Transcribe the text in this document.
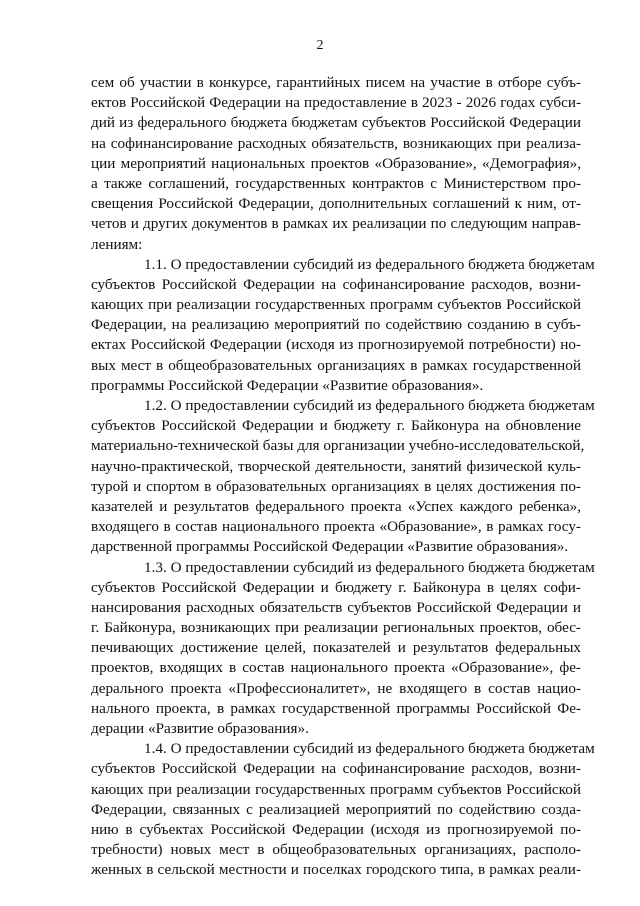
2
сем об участии в конкурсе, гарантийных писем на участие в отборе субъ-
ектов Российской Федерации на предоставление в 2023 - 2026 годах субси-
дий из федерального бюджета бюджетам субъектов Российской Федерации
на софинансирование расходных обязательств, возникающих при реализа-
ции мероприятий национальных проектов «Образование», «Демография»,
а также соглашений, государственных контрактов с Министерством про-
свещения Российской Федерации, дополнительных соглашений к ним, от-
четов и других документов в рамках их реализации по следующим направ-
лениям:
1.1. О предоставлении субсидий из федерального бюджета бюджетам
субъектов Российской Федерации на софинансирование расходов, возни-
кающих при реализации государственных программ субъектов Российской
Федерации, на реализацию мероприятий по содействию созданию в субъ-
ектах Российской Федерации (исходя из прогнозируемой потребности) но-
вых мест в общеобразовательных организациях в рамках государственной
программы Российской Федерации «Развитие образования».
1.2. О предоставлении субсидий из федерального бюджета бюджетам
субъектов Российской Федерации и бюджету г. Байконура на обновление
материально-технической базы для организации учебно-исследовательской,
научно-практической, творческой деятельности, занятий физической куль-
турой и спортом в образовательных организациях в целях достижения по-
казателей и результатов федерального проекта «Успех каждого ребенка»,
входящего в состав национального проекта «Образование», в рамках госу-
дарственной программы Российской Федерации «Развитие образования».
1.3. О предоставлении субсидий из федерального бюджета бюджетам
субъектов Российской Федерации и бюджету г. Байконура в целях софи-
нансирования расходных обязательств субъектов Российской Федерации и
г. Байконура, возникающих при реализации региональных проектов, обес-
печивающих достижение целей, показателей и результатов федеральных
проектов, входящих в состав национального проекта «Образование», фе-
дерального проекта «Профессионалитет», не входящего в состав нацио-
нального проекта, в рамках государственной программы Российской Фе-
дерации «Развитие образования».
1.4. О предоставлении субсидий из федерального бюджета бюджетам
субъектов Российской Федерации на софинансирование расходов, возни-
кающих при реализации государственных программ субъектов Российской
Федерации, связанных с реализацией мероприятий по содействию созда-
нию в субъектах Российской Федерации (исходя из прогнозируемой по-
требности) новых мест в общеобразовательных организациях, располо-
женных в сельской местности и поселках городского типа, в рамках реали-
